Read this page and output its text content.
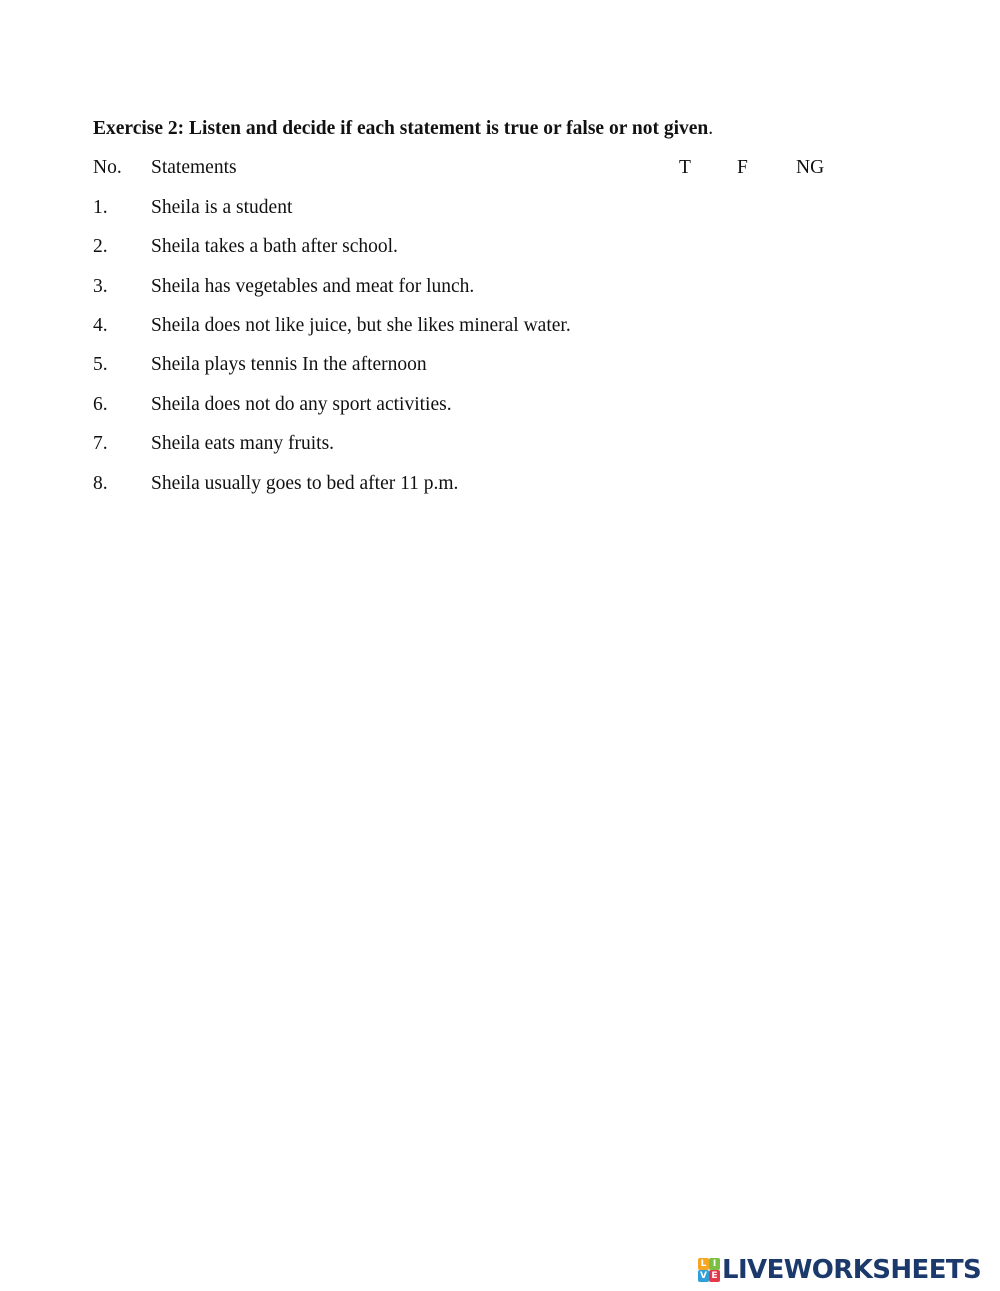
Exercise 2: Listen and decide if each statement is true or false or not given.
No. Statements	T F NG
1. Sheila is a student
2. Sheila takes a bath after school.
3. Sheila has vegetables and meat for lunch.
4. Sheila does not like juice, but she likes mineral water.
5. Sheila plays tennis In the afternoon
6. Sheila does not do any sport activities.
7. Sheila eats many fruits.
8. Sheila usually goes to bed after 11 p.m.
L I
V E LIVEWORKSHEETS
